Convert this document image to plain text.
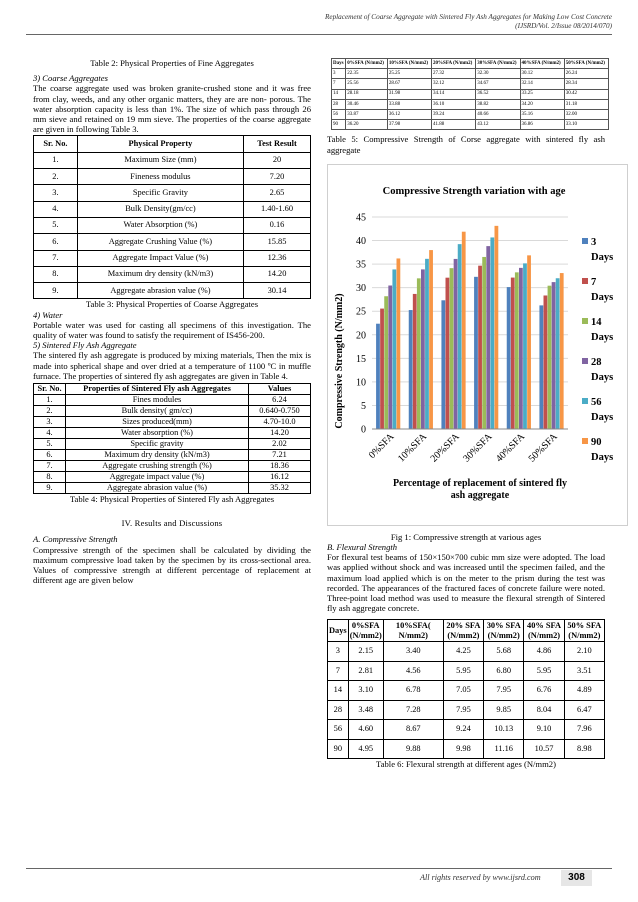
Replacement of Coarse Aggregate with Sintered Fly Ash Aggregates for Making Low Cost Concrete
(IJSRD/Vol. 2/Issue 08/2014/070)
Table 2: Physical Properties of Fine Aggregates
3) Coarse Aggregates

The coarse aggregate used was broken granite-crushed stone and it was free from clay, weeds, and any other organic matters, they are are non- porous. The water absorption capacity is less than 1%. The size of which pass through 26 mm sieve and retained on 19 mm sieve. The properties of the coarse aggregate are given in following Table 3.

Sr. No.	Physical Property	Test Result
1.	Maximum Size (mm)	20
2.	Fineness modulus	7.20
3.	Specific Gravity	2.65
4.	Bulk Density(gm/cc)	1.40-1.60
5.	Water Absorption (%)	0.16
6.	Aggregate Crushing Value (%)	15.85
7.	Aggregate Impact Value (%)	12.36
8.	Maximum dry density (kN/m3)	14.20
9.	Aggregate abrasion value (%)	30.14
Table 3: Physical Properties of Coarse Aggregates
4) Water

Portable water was used for casting all specimens of this investigation. The quality of water was found to satisfy the requirement of IS456-200.

5) Sintered Fly Ash Aggregate

The sintered fly ash aggregate is produced by mixing materials, Then the mix is made into spherical shape and over dried at a temperature of 1100 ºC in muffle furnace. The properties of sintered fly ash aggregates are given in Table 4.

Sr. No.	Properties of Sintered Fly ash Aggregates	Values
1.	Fines modules	6.24
2.	Bulk density( gm/cc)	0.640-0.750
3.	Sizes produced(mm)	4.70-10.0
4.	Water absorption (%)	14.20
5.	Specific gravity	2.02
6.	Maximum dry density (kN/m3)	7.21
7.	Aggregate crushing strength (%)	18.36
8.	Aggregate impact value (%)	16.12
9.	Aggregate abrasion value (%)	35.32
Table 4: Physical Properties of Sintered Fly ash Aggregates
IV. Results and Discussions
A. Compressive Strength

Compressive strength of the specimen shall be calculated by dividing the maximum compressive load taken by the specimen by its cross-sectional area. Values of compressive strength at different percentage of replacement at different age are given below

Days	0%SFA (N/mm2)	10%SFA (N/mm2)	20%SFA (N/mm2)	30%SFA (N/mm2)	40%SFA (N/mm2)	50%SFA (N/mm2)
3	22.35	25.25	27.32	32.30	30.12	26.24
7	25.56	28.67	32.12	34.67	32.14	28.34
14	28.18	31.98	34.14	36.52	33.25	30.42
28	30.46	33.88	36.10	38.82	34.20	31.18
56	33.87	36.12	39.24	40.66	35.16	32.00
90	36.20	37.98	41.88	43.12	36.86	33.10

Table 5: Compressive Strength of Corse aggregate with sintered fly ash aggregate

Compressive Strength variation with age
Compressive Strength (N/mm2)
0
5
10
15
20
25
30
35
40
45
0%SFA 10%SFA 20%SFA 30%SFA 40%SFA 50%SFA
3
Days
7
Days
14
Days
28
Days
56
Days
90
Days
Percentage of replacement of sintered fly
ash aggregate
Fig 1: Compressive strength at various ages
B. Flexural Strength

For flexural test beams of 150×150×700 cubic mm size were adopted. The load was applied without shock and was increased until the specimen failed, and the maximum load applied which is on the meter to the prism during the test was recorded. The appearances of the fractured faces of concrete failure were noted. Three-point load method was used to measure the flexural strength of Sintered fly ash aggregate concrete.

Days	0%SFA (N/mm2)	10%SFA( N/mm2)	20% SFA (N/mm2)	30% SFA (N/mm2)	40% SFA (N/mm2)	50% SFA (N/mm2)
3	2.15	3.40	4.25	5.68	4.86	2.10
7	2.81	4.56	5.95	6.80	5.95	3.51
14	3.10	6.78	7.05	7.95	6.76	4.89
28	3.48	7.28	7.95	9.85	8.04	6.47
56	4.60	8.67	9.24	10.13	9.10	7.96
90	4.95	9.88	9.98	11.16	10.57	8.98
Table 6: Flexural strength at different ages (N/mm2)
All rights reserved by www.ijsrd.com	308
